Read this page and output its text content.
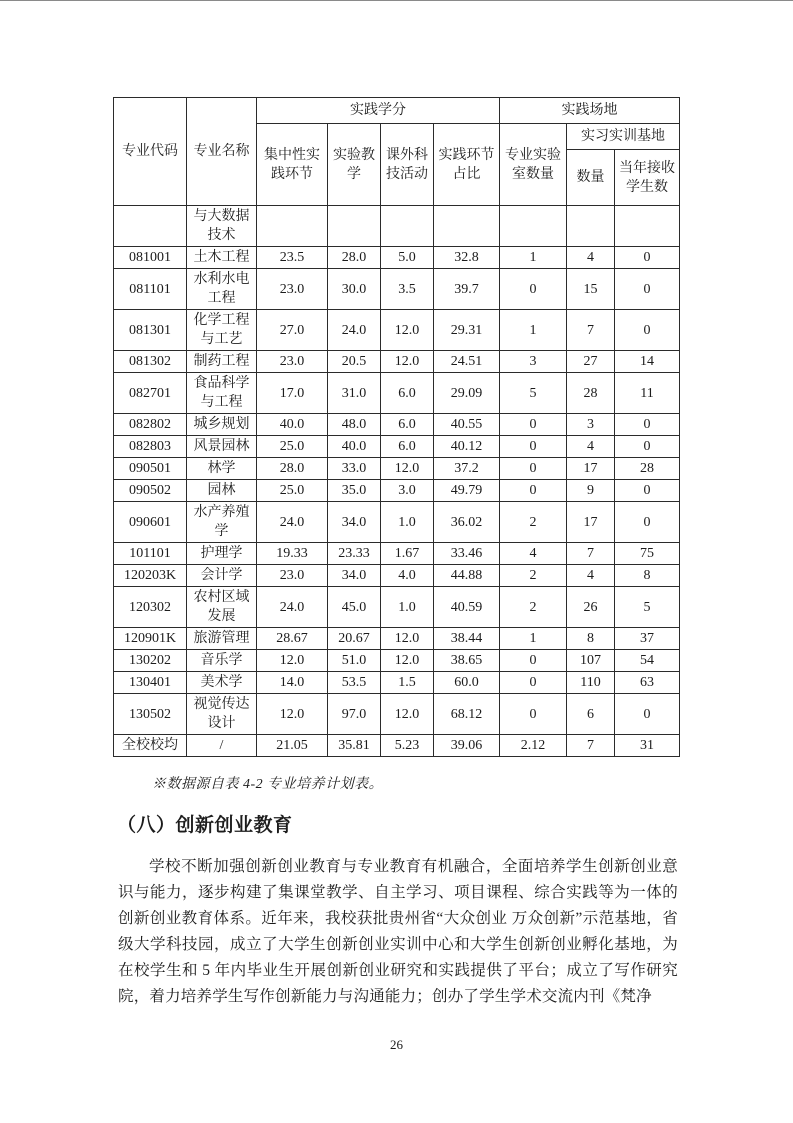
专业代码	专业名称	实践学分				实践场地		
		集中性实践环节	实验教学	课外科技活动	实践环节占比	专业实验室数量	实习实训基地	
							数量	当年接收学生数
	与大数据技术							
081001	土木工程	23.5	28.0	5.0	32.8	1	4	0
081101	水利水电工程	23.0	30.0	3.5	39.7	0	15	0
081301	化学工程与工艺	27.0	24.0	12.0	29.31	1	7	0
081302	制药工程	23.0	20.5	12.0	24.51	3	27	14
082701	食品科学与工程	17.0	31.0	6.0	29.09	5	28	11
082802	城乡规划	40.0	48.0	6.0	40.55	0	3	0
082803	风景园林	25.0	40.0	6.0	40.12	0	4	0
090501	林学	28.0	33.0	12.0	37.2	0	17	28
090502	园林	25.0	35.0	3.0	49.79	0	9	0
090601	水产养殖学	24.0	34.0	1.0	36.02	2	17	0
101101	护理学	19.33	23.33	1.67	33.46	4	7	75
120203K	会计学	23.0	34.0	4.0	44.88	2	4	8
120302	农村区域发展	24.0	45.0	1.0	40.59	2	26	5
120901K	旅游管理	28.67	20.67	12.0	38.44	1	8	37
130202	音乐学	12.0	51.0	12.0	38.65	0	107	54
130401	美术学	14.0	53.5	1.5	60.0	0	110	63
130502	视觉传达设计	12.0	97.0	12.0	68.12	0	6	0
全校校均	/	21.05	35.81	5.23	39.06	2.12	7	31
※数据源自表 4-2 专业培养计划表。
（八）创新创业教育

学校不断加强创新创业教育与专业教育有机融合，全面培养学生创新创业意识与能力，逐步构建了集课堂教学、自主学习、项目课程、综合实践等为一体的创新创业教育体系。近年来，我校获批贵州省“大众创业 万众创新”示范基地，省级大学科技园，成立了大学生创新创业实训中心和大学生创新创业孵化基地，为在校学生和 5 年内毕业生开展创新创业研究和实践提供了平台；成立了写作研究院，着力培养学生写作创新能力与沟通能力；创办了学生学术交流内刊《梵净

26
